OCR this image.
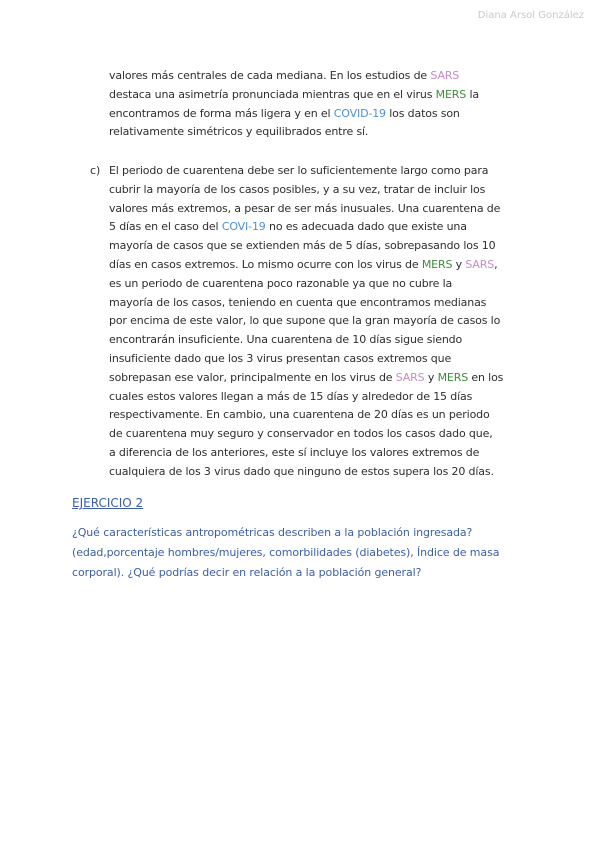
Diana Arsol González
valores más centrales de cada mediana. En los estudios de SARS
destaca una asimetría pronunciada mientras que en el virus MERS la
encontramos de forma más ligera y en el COVID-19 los datos son
relativamente simétricos y equilibrados entre sí.
c) El periodo de cuarentena debe ser lo suficientemente largo como para
cubrir la mayoría de los casos posibles, y a su vez, tratar de incluir los
valores más extremos, a pesar de ser más inusuales. Una cuarentena de
5 días en el caso del COVI-19 no es adecuada dado que existe una
mayoría de casos que se extienden más de 5 días, sobrepasando los 10
días en casos extremos. Lo mismo ocurre con los virus de MERS y SARS,
es un periodo de cuarentena poco razonable ya que no cubre la
mayoría de los casos, teniendo en cuenta que encontramos medianas
por encima de este valor, lo que supone que la gran mayoría de casos lo
encontrarán insuficiente. Una cuarentena de 10 días sigue siendo
insuficiente dado que los 3 virus presentan casos extremos que
sobrepasan ese valor, principalmente en los virus de SARS y MERS en los
cuales estos valores llegan a más de 15 días y alrededor de 15 días
respectivamente. En cambio, una cuarentena de 20 días es un periodo
de cuarentena muy seguro y conservador en todos los casos dado que,
a diferencia de los anteriores, este sí incluye los valores extremos de
cualquiera de los 3 virus dado que ninguno de estos supera los 20 días.
EJERCICIO 2
¿Qué características antropométricas describen a la población ingresada?
(edad,porcentaje hombres/mujeres, comorbilidades (diabetes), Índice de masa
corporal). ¿Qué podrías decir en relación a la población general?
